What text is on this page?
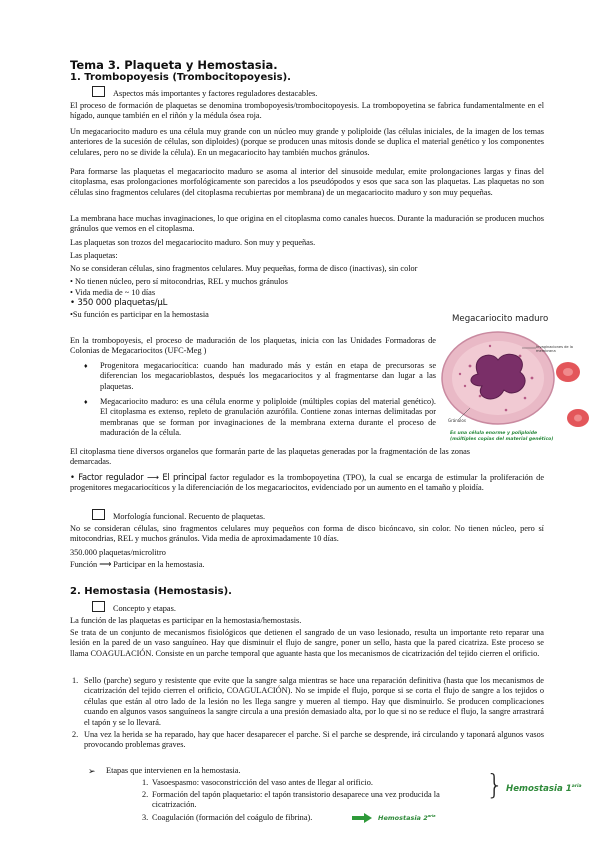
Tema 3. Plaqueta y Hemostasia.
1. Trombopoyesis (Trombocitopoyesis).
Aspectos más importantes y factores reguladores destacables.
El proceso de formación de plaquetas se denomina trombopoyesis/trombocitopoyesis. La trombopoyetina se fabrica fundamentalmente en el hígado, aunque también en el riñón y la médula ósea roja.
Un megacariocito maduro es una célula muy grande con un núcleo muy grande y poliploide (las células iniciales, de la imagen de los temas anteriores de la sucesión de células, son diploides) (porque se producen unas mitosis donde se duplica el material genético y los componentes celulares, pero no se divide la célula). En un megacariocito hay también muchos gránulos.
Para formarse las plaquetas el megacariocito maduro se asoma al interior del sinusoide medular, emite prolongaciones largas y finas del citoplasma, esas prolongaciones morfológicamente son parecidos a los pseudópodos y esos que saca son las plaquetas. Las plaquetas no son células sino fragmentos celulares (del citoplasma recubiertas por membrana) de un megacariocito maduro y son muy pequeñas.
La membrana hace muchas invaginaciones, lo que origina en el citoplasma como canales huecos. Durante la maduración se producen muchos gránulos que vemos en el citoplasma.
Las plaquetas son trozos del megacariocito maduro. Son muy y pequeñas.
Las plaquetas:
No se consideran células, sino fragmentos celulares. Muy pequeñas, forma de disco (inactivas), sin color
• No tienen núcleo, pero sí mitocondrias, REL y muchos gránulos
• Vida media de ~ 10 días
• 350 000 plaquetas/µL
•Su función es participar en la hemostasia	Megacariocito maduro
Invaginaciones de la membrana
Gránulos
Es una célula enorme y poliploide
(múltiples copias del material genético)
En la trombopoyesis, el proceso de maduración de los plaquetas, inicia con las Unidades Formadoras de Colonias de Megacariocitos (UFC-Meg )
♦ Progenitora megacariocítica: cuando han madurado más y están en etapa de precursoras se diferencian los megacarioblastos, después los megacariocitos y al fragmentarse dan lugar a las plaquetas.
♦ Megacariocito maduro: es una célula enorme y poliploide (múltiples copias del material genético). El citoplasma es extenso, repleto de granulación azurófila. Contiene zonas internas delimitadas por membranas que se forman por invaginaciones de la membrana externa durante el proceso de maduración de la célula.
El citoplasma tiene diversos organelos que formarán parte de las plaquetas generadas por la fragmentación de las zonas demarcadas.
• Factor regulador ⟶ El principal factor regulador es la trombopoyetina (TPO), la cual se encarga de estimular la proliferación de progenitores megacariocíticos y la diferenciación de los megacariocitos, evidenciado por un aumento en el tamaño y ploidía.
Morfología funcional. Recuento de plaquetas.
No se consideran células, sino fragmentos celulares muy pequeños con forma de disco bicóncavo, sin color. No tienen núcleo, pero sí mitocondrias, REL y muchos gránulos. Vida media de aproximadamente 10 días.
350.000 plaquetas/microlitro
Función ⟶ Participar en la hemostasia.
2. Hemostasia (Hemostasis).
Concepto y etapas.
La función de las plaquetas es participar en la hemostasia/hemostasis.
Se trata de un conjunto de mecanismos fisiológicos que detienen el sangrado de un vaso lesionado, resulta un importante reto reparar una lesión en la pared de un vaso sanguíneo. Hay que disminuir el flujo de sangre, poner un sello, hasta que la pared cicatriza. Este proceso se llama COAGULACIÓN. Consiste en un parche temporal que aguante hasta que los mecanismos de cicatrización del tejido cierren el orificio.
1. Sello (parche) seguro y resistente que evite que la sangre salga mientras se hace una reparación definitiva (hasta que los mecanismos de cicatrización del tejido cierren el orificio, COAGULACIÓN). No se impide el flujo, porque si se corta el flujo de sangre a los tejidos o células que están al otro lado de la lesión no les llega sangre y mueren al tiempo. Hay que disminuirlo. Se producen complicaciones cuando en algunos vasos sanguíneos la sangre circula a una presión demasiado alta, por lo que si no se reduce el flujo, la sangre arrastrará el tapón y se lo llevará.
2. Una vez la herida se ha reparado, hay que hacer desaparecer el parche. Si el parche se desprende, irá circulando y taponará algunos vasos provocando problemas graves.
➢ Etapas que intervienen en la hemostasia.
1. Vasoespasmo: vasoconstricción del vaso antes de llegar al orificio.
2. Formación del tapón plaquetario: el tapón transistorio desaparece una vez producida la cicatrización.
3. Coagulación (formación del coágulo de fibrina).
} Hemostasia $1^{aria}$
Hemostasia $2^{aria}$
